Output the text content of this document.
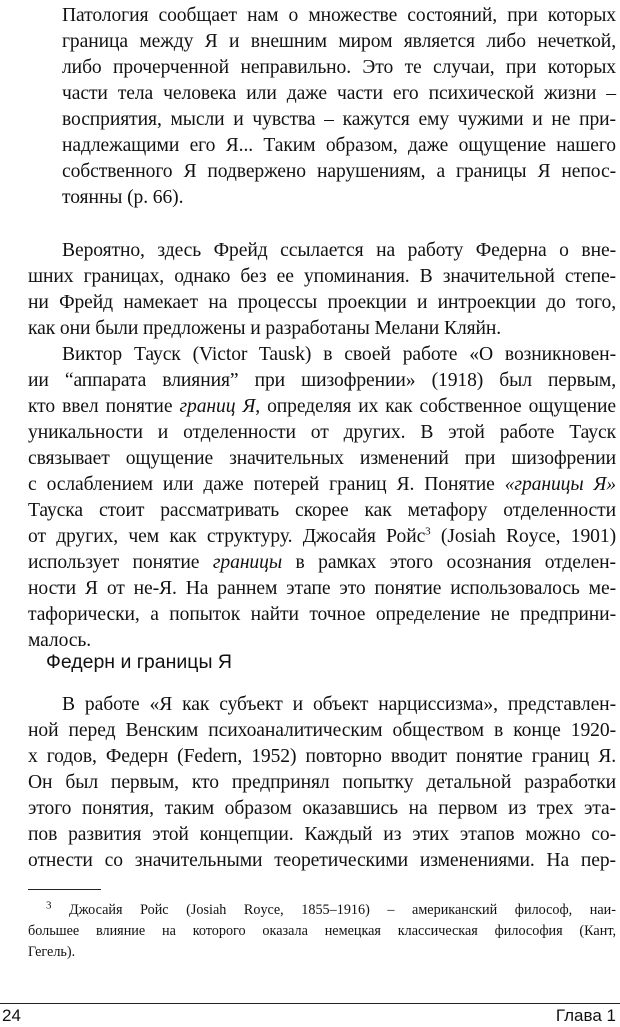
Патология сообщает нам о множестве состояний, при которых
граница между Я и внешним миром является либо нечеткой,
либо прочерченной неправильно. Это те случаи, при которых
части тела человека или даже части его психической жизни –
восприятия, мысли и чувства – кажутся ему чужими и не при-
надлежащими его Я... Таким образом, даже ощущение нашего
собственного Я подвержено нарушениям, а границы Я непос-
тоянны (p. 66).
Вероятно, здесь Фрейд ссылается на работу Федерна о вне-
шних границах, однако без ее упоминания. В значительной степе-
ни Фрейд намекает на процессы проекции и интроекции до того,
как они были предложены и разработаны Мелани Кляйн.
Виктор Тауск (Victor Tausk) в своей работе «О возникновен-
ии “аппарата влияния” при шизофрении» (1918) был первым,
кто ввел понятие границ Я, определяя их как собственное ощущение
уникальности и отделенности от других. В этой работе Тауск
связывает ощущение значительных изменений при шизофрении
с ослаблением или даже потерей границ Я. Понятие «границы Я»
Тауска стоит рассматривать скорее как метафору отделенности
от других, чем как структуру. Джосайя Ройс$^3$ (Josiah Royce, 1901)
использует понятие границы в рамках этого осознания отделен-
ности Я от не-Я. На раннем этапе это понятие использовалось ме-
тафорически, а попыток найти точное определение не предприни-
малось.
Федерн и границы Я
В работе «Я как субъект и объект нарциссизма», представлен-
ной перед Венским психоаналитическим обществом в конце 1920-
х годов, Федерн (Federn, 1952) повторно вводит понятие границ Я.
Он был первым, кто предпринял попытку детальной разработки
этого понятия, таким образом оказавшись на первом из трех эта-
пов развития этой концепции. Каждый из этих этапов можно со-
отнести со значительными теоретическими изменениями. На пер-
$^3$ Джосайя Ройс (Josiah Royce, 1855–1916) – американский философ, наи-
большее влияние на которого оказала немецкая классическая философия (Кант,
Гегель).
24	Глава 1
